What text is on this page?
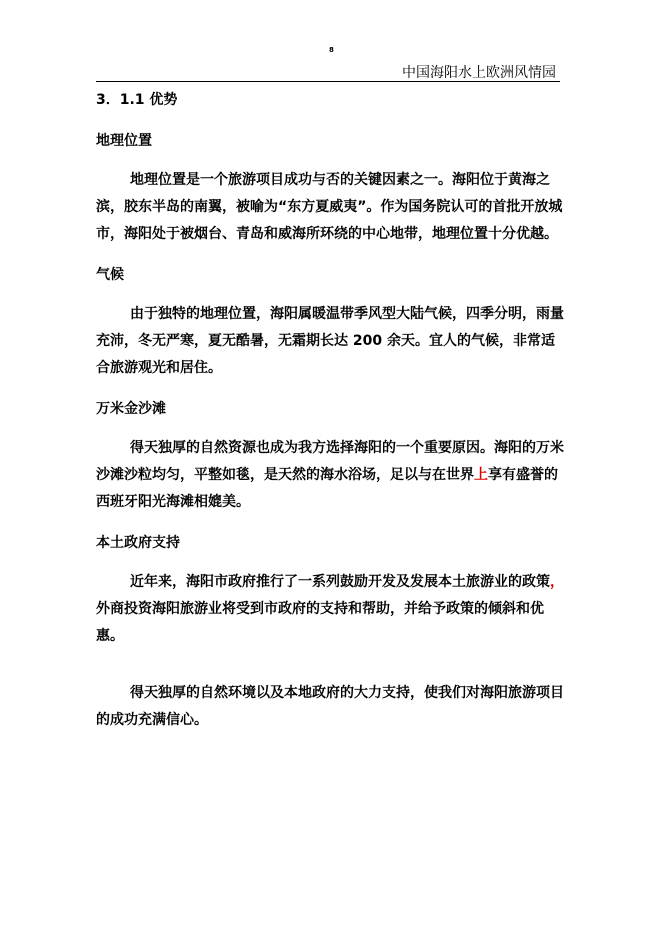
8
中国海阳水上欧洲风情园

3．1.1 优势

地理位置

地理位置是一个旅游项目成功与否的关键因素之一。海阳位于黄海之滨，胶东半岛的南翼，被喻为“东方夏威夷”。作为国务院认可的首批开放城市，海阳处于被烟台、青岛和威海所环绕的中心地带，地理位置十分优越。

气候

由于独特的地理位置，海阳属暖温带季风型大陆气候，四季分明，雨量充沛，冬无严寒，夏无酷暑，无霜期长达 200 余天。宜人的气候，非常适合旅游观光和居住。

万米金沙滩

得天独厚的自然资源也成为我方选择海阳的一个重要原因。海阳的万米沙滩沙粒均匀，平整如毯，是天然的海水浴场，足以与在世界上享有盛誉的西班牙阳光海滩相媲美。

本土政府支持

近年来，海阳市政府推行了一系列鼓励开发及发展本土旅游业的政策，外商投资海阳旅游业将受到市政府的支持和帮助，并给予政策的倾斜和优惠。

得天独厚的自然环境以及本地政府的大力支持，使我们对海阳旅游项目的成功充满信心。
